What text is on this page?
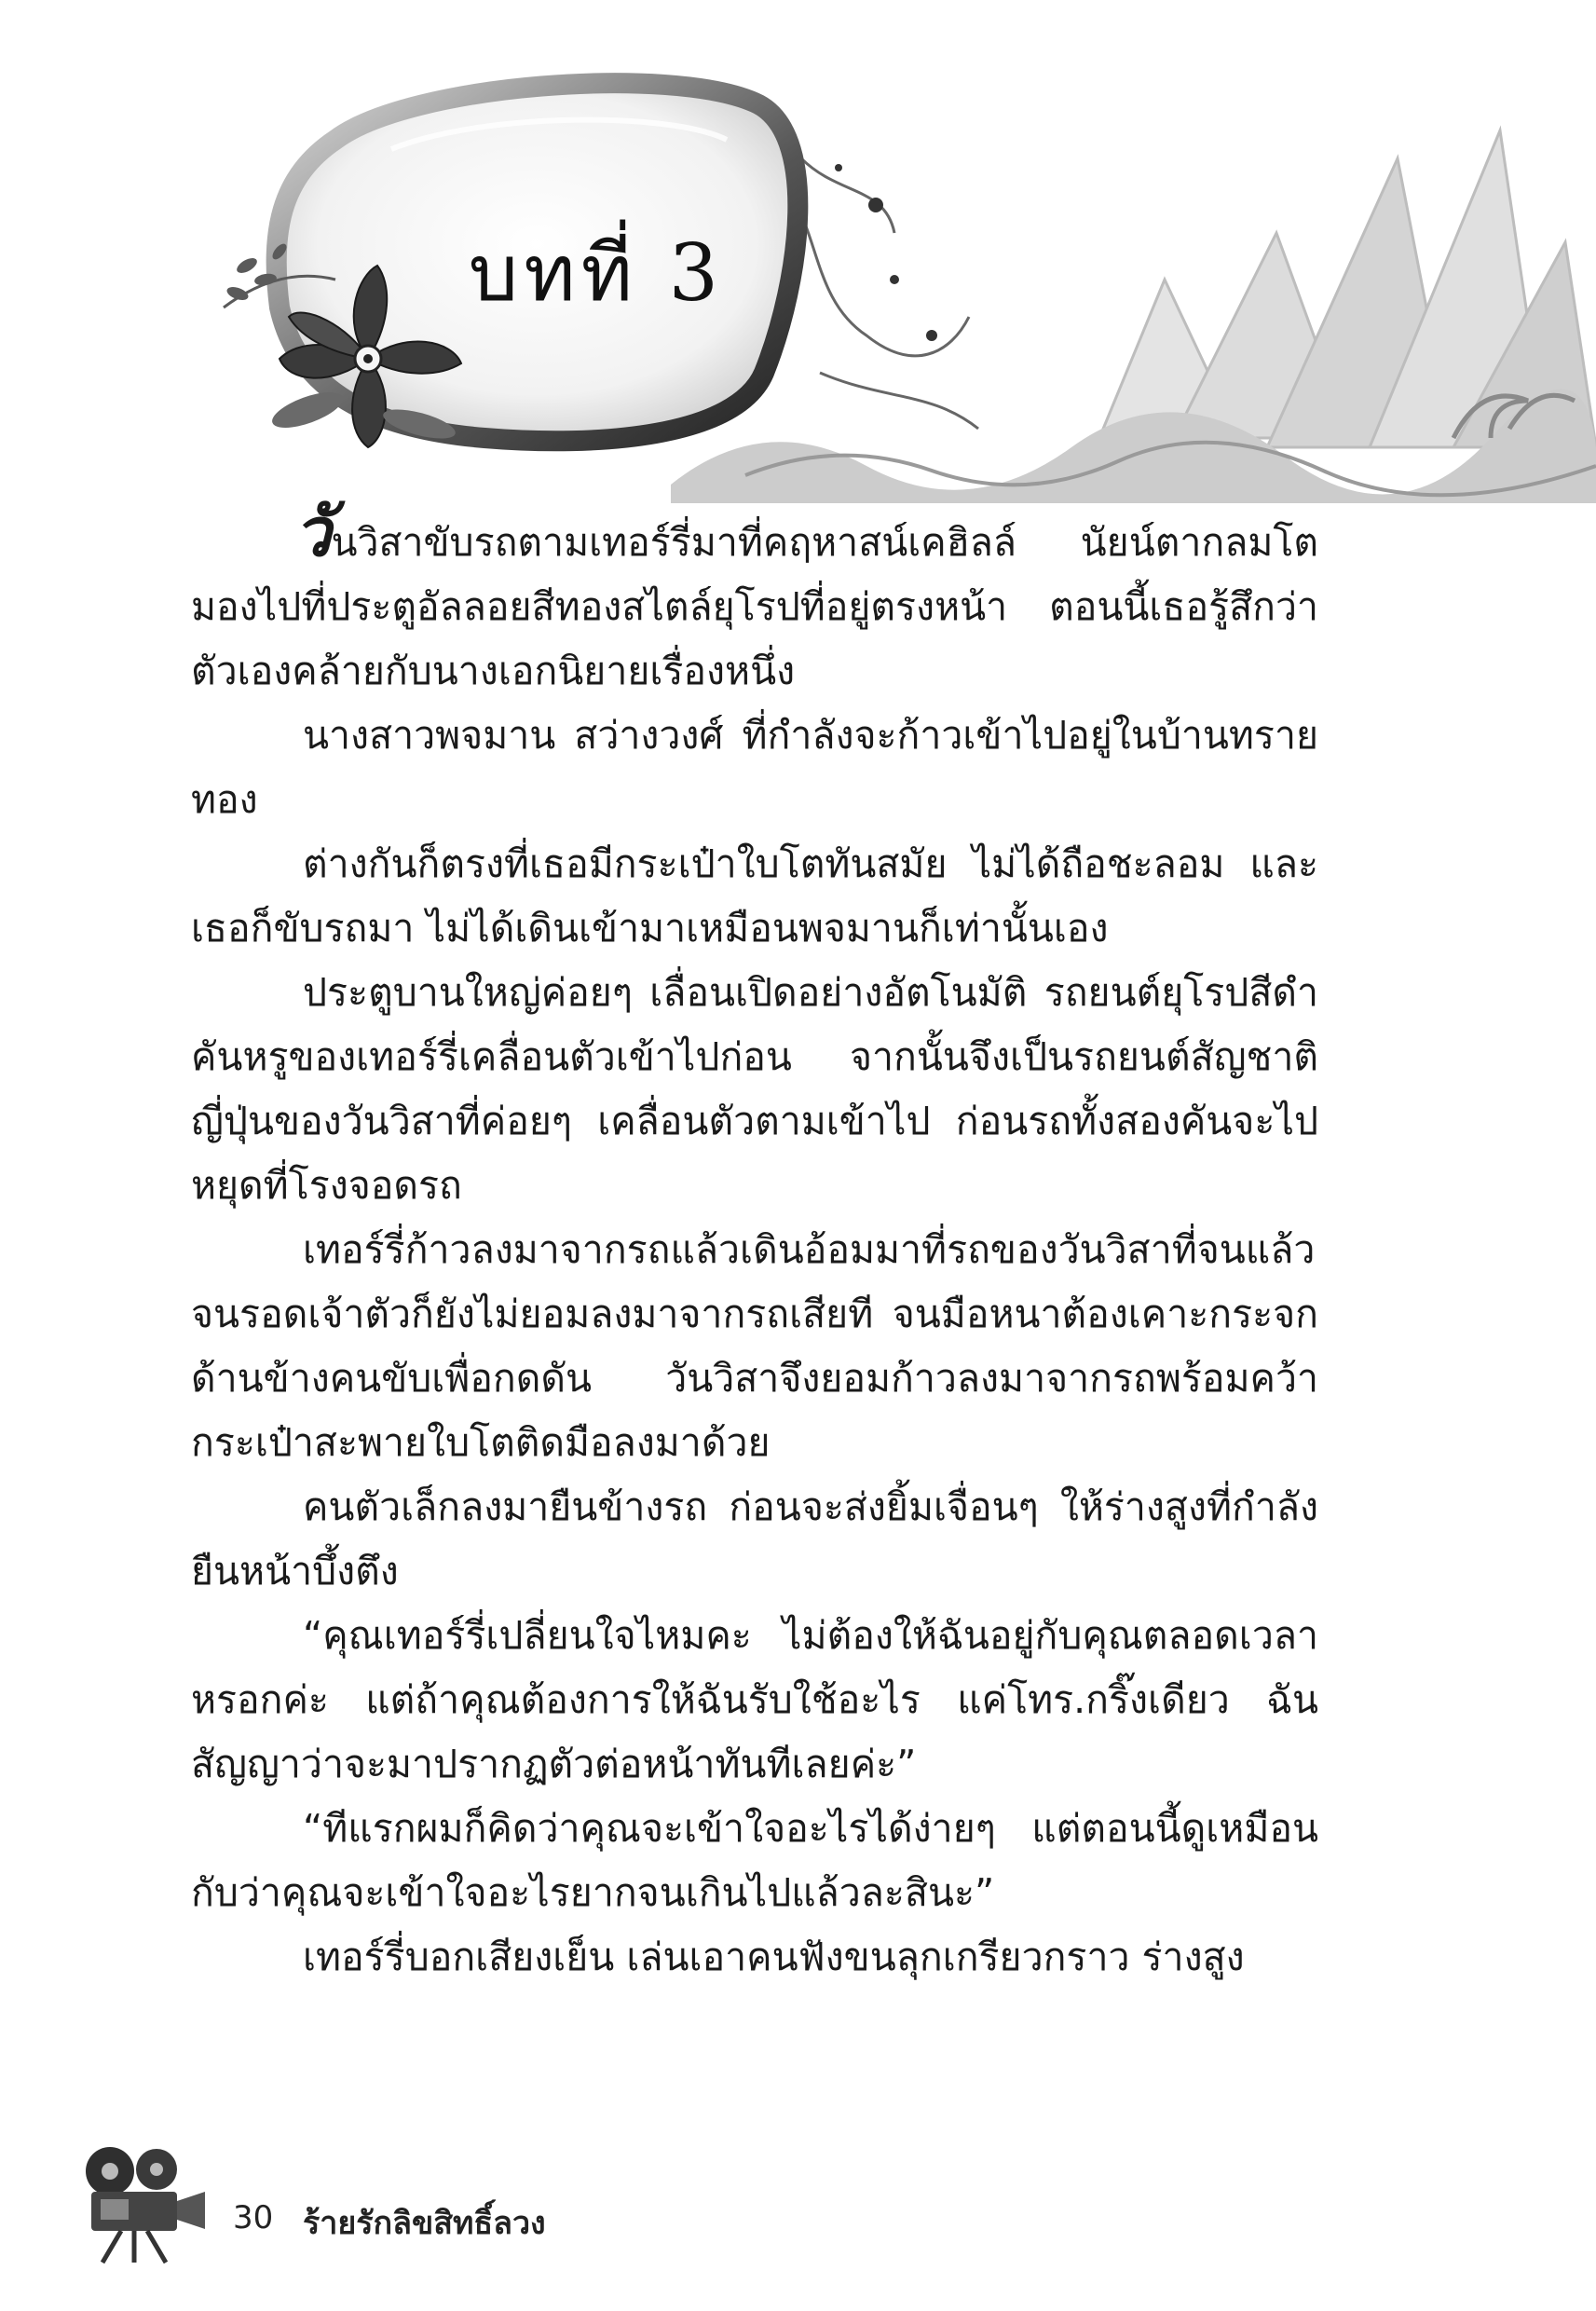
บทที่ 3

วันวิสาขับรถตามเทอร์รี่มาที่คฤหาสน์เคฮิลล์ นัยน์ตากลมโตมองไปที่ประตูอัลลอยสีทองสไตล์ยุโรปที่อยู่ตรงหน้า ตอนนี้เธอรู้สึกว่าตัวเองคล้ายกับนางเอกนิยายเรื่องหนึ่ง

นางสาวพจมาน สว่างวงศ์ ที่กำลังจะก้าวเข้าไปอยู่ในบ้านทรายทอง

ต่างกันก็ตรงที่เธอมีกระเป๋าใบโตทันสมัย ไม่ได้ถือชะลอม และเธอก็ขับรถมา ไม่ได้เดินเข้ามาเหมือนพจมานก็เท่านั้นเอง

ประตูบานใหญ่ค่อยๆ เลื่อนเปิดอย่างอัตโนมัติ รถยนต์ยุโรปสีดำคันหรูของเทอร์รี่เคลื่อนตัวเข้าไปก่อน จากนั้นจึงเป็นรถยนต์สัญชาติญี่ปุ่นของวันวิสาที่ค่อยๆ เคลื่อนตัวตามเข้าไป ก่อนรถทั้งสองคันจะไปหยุดที่โรงจอดรถ

เทอร์รี่ก้าวลงมาจากรถแล้วเดินอ้อมมาที่รถของวันวิสาที่จนแล้วจนรอดเจ้าตัวก็ยังไม่ยอมลงมาจากรถเสียที จนมือหนาต้องเคาะกระจกด้านข้างคนขับเพื่อกดดัน วันวิสาจึงยอมก้าวลงมาจากรถพร้อมคว้ากระเป๋าสะพายใบโตติดมือลงมาด้วย

คนตัวเล็กลงมายืนข้างรถ ก่อนจะส่งยิ้มเจื่อนๆ ให้ร่างสูงที่กำลังยืนหน้าบึ้งตึง

“คุณเทอร์รี่เปลี่ยนใจไหมคะ ไม่ต้องให้ฉันอยู่กับคุณตลอดเวลาหรอกค่ะ แต่ถ้าคุณต้องการให้ฉันรับใช้อะไร แค่โทร.กริ๊งเดียว ฉันสัญญาว่าจะมาปรากฏตัวต่อหน้าทันทีเลยค่ะ”

“ทีแรกผมก็คิดว่าคุณจะเข้าใจอะไรได้ง่ายๆ แต่ตอนนี้ดูเหมือนกับว่าคุณจะเข้าใจอะไรยากจนเกินไปแล้วละสินะ”

เทอร์รี่บอกเสียงเย็น เล่นเอาคนฟังขนลุกเกรียวกราว ร่างสูง

30 ร้ายรักลิขสิทธิ์ลวง
